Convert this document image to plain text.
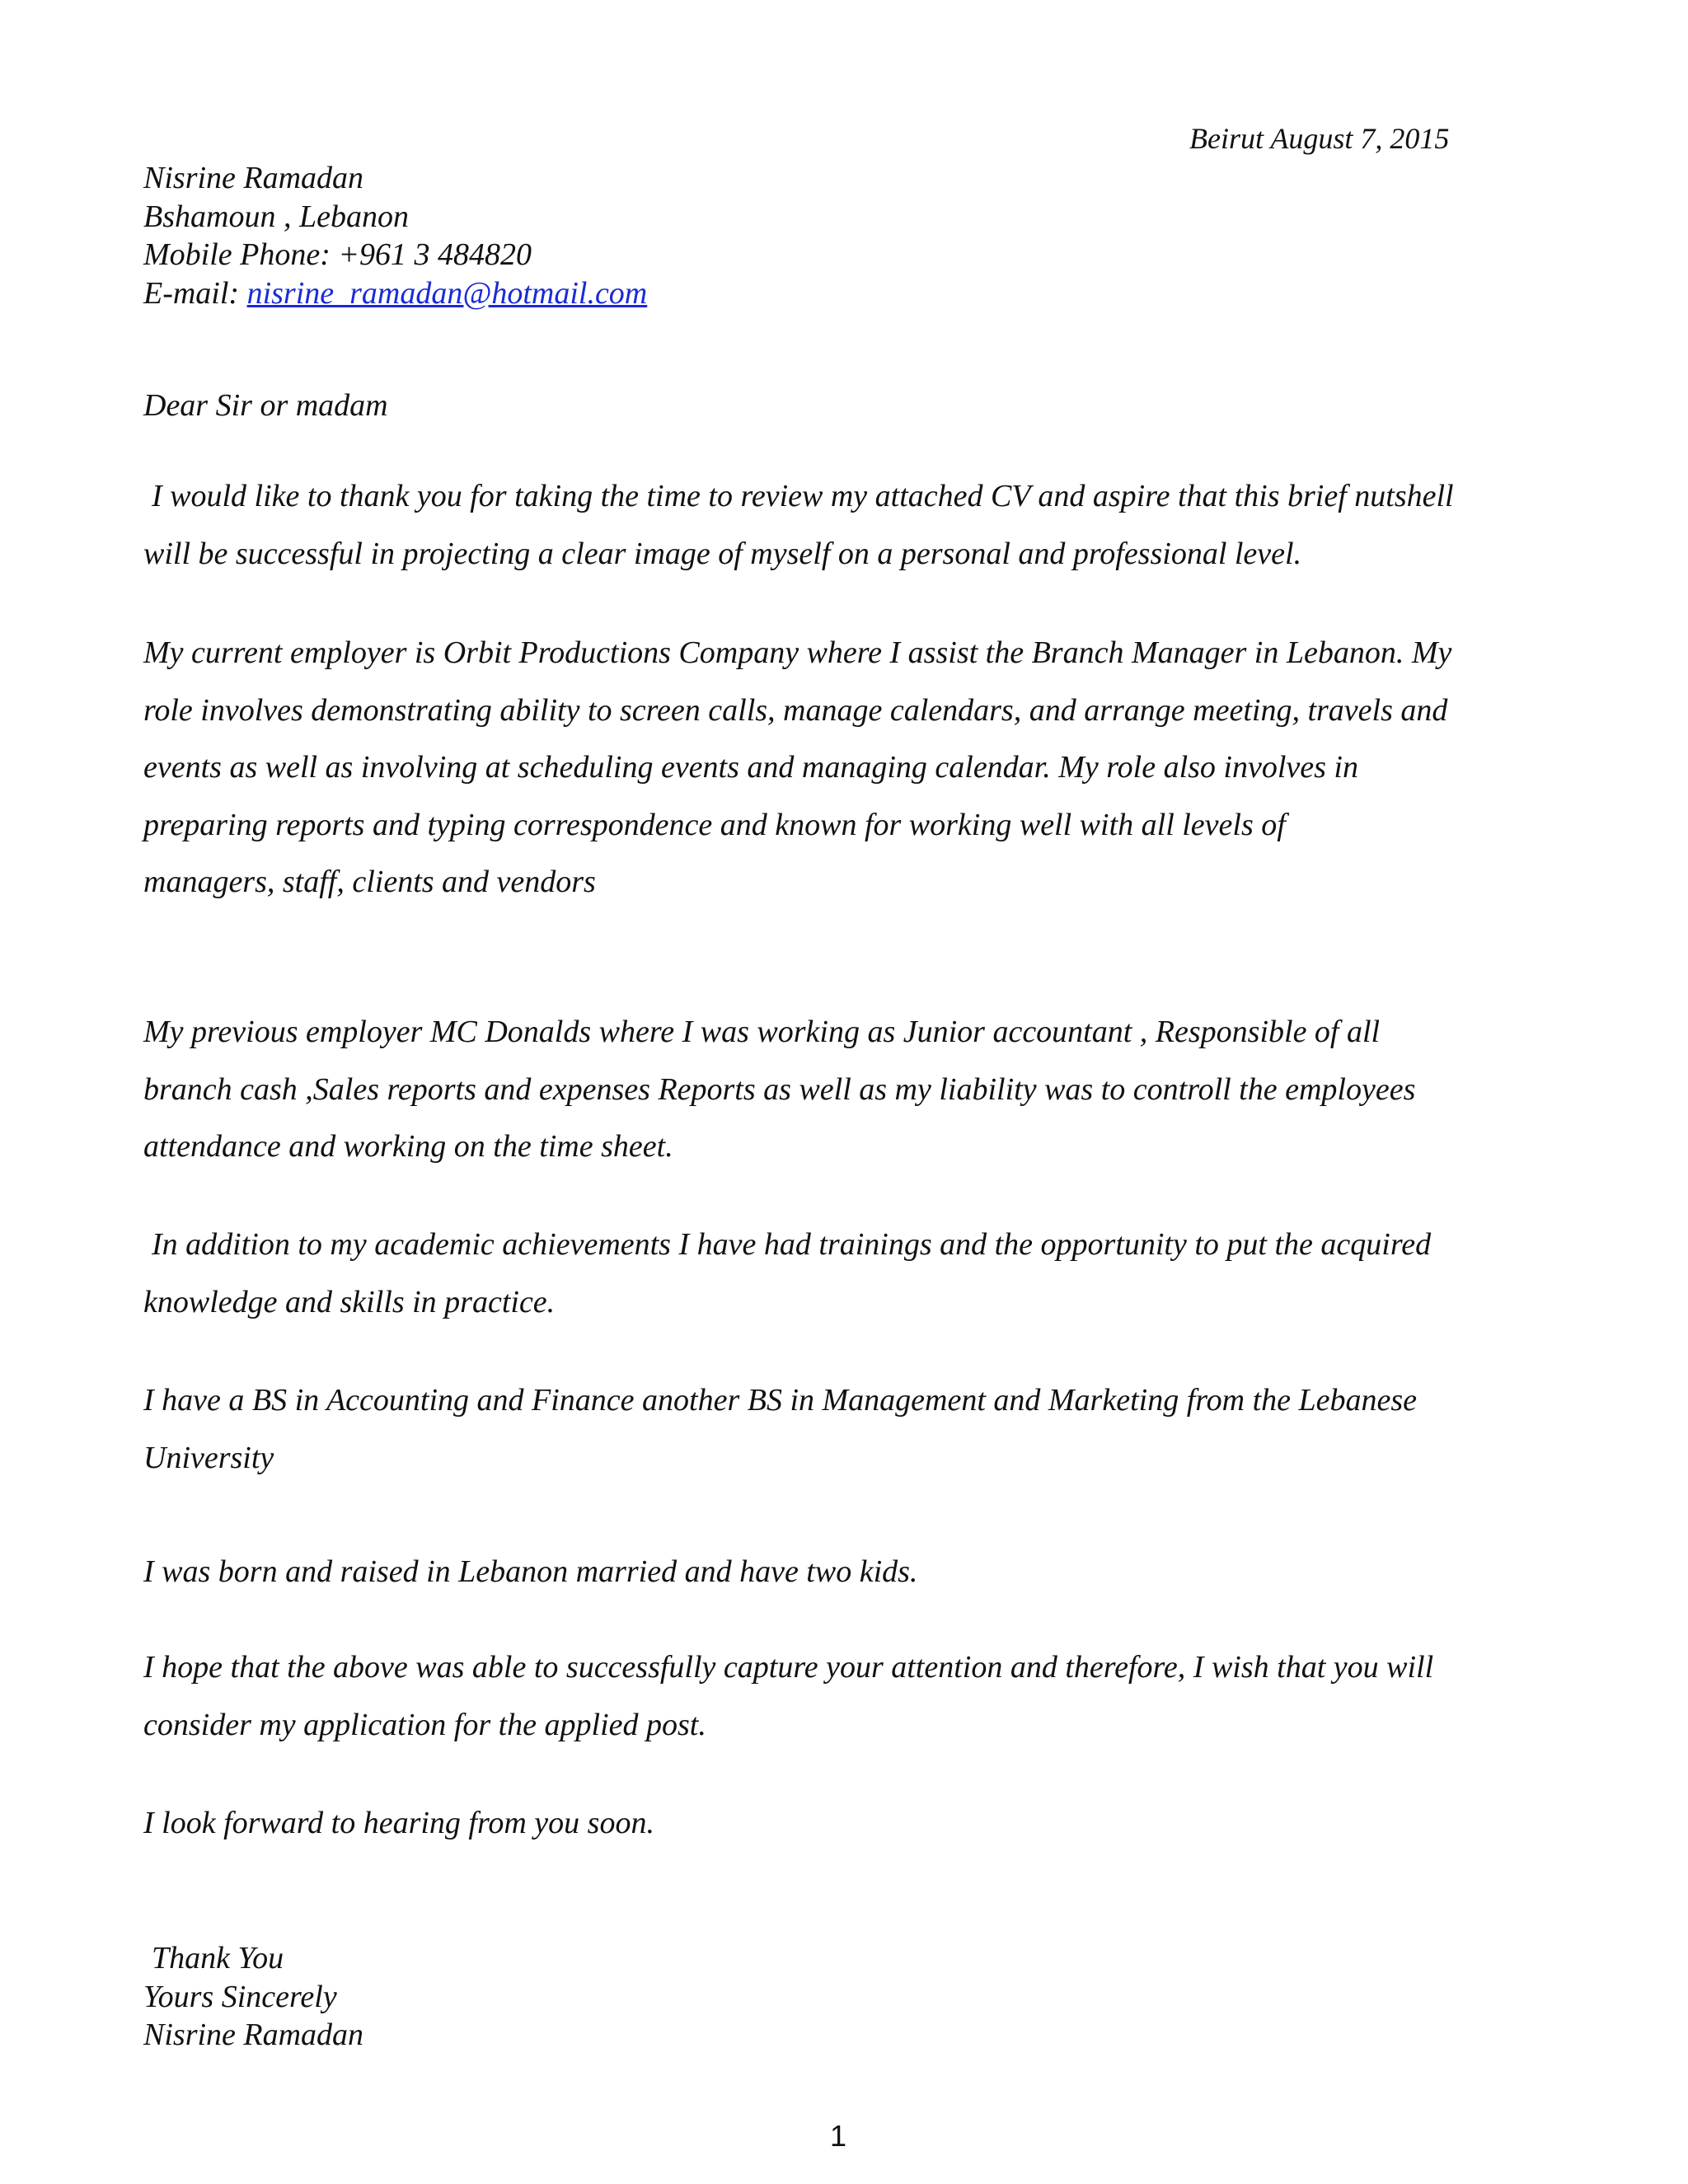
Beirut August 7, 2015
Nisrine Ramadan
Bshamoun , Lebanon
Mobile Phone: +961 3 484820
E-mail: nisrine_ramadan@hotmail.com
Dear Sir or madam

I would like to thank you for taking the time to review my attached CV and aspire that this brief nutshell
will be successful in projecting a clear image of myself on a personal and professional level.

My current employer is Orbit Productions Company where I assist the Branch Manager in Lebanon. My
role involves demonstrating ability to screen calls, manage calendars, and arrange meeting, travels and
events as well as involving at scheduling events and managing calendar. My role also involves in
preparing reports and typing correspondence and known for working well with all levels of
managers, staff, clients and vendors

My previous employer MC Donalds where I was working as Junior accountant , Responsible of all
branch cash ,Sales reports and expenses Reports as well as my liability was to controll the employees
attendance and working on the time sheet.

In addition to my academic achievements I have had trainings and the opportunity to put the acquired
knowledge and skills in practice.

I have a BS in Accounting and Finance another BS in Management and Marketing from the Lebanese
University

I was born and raised in Lebanon married and have two kids.

I hope that the above was able to successfully capture your attention and therefore, I wish that you will
consider my application for the applied post.

I look forward to hearing from you soon.

Thank You
Yours Sincerely
Nisrine Ramadan
1
